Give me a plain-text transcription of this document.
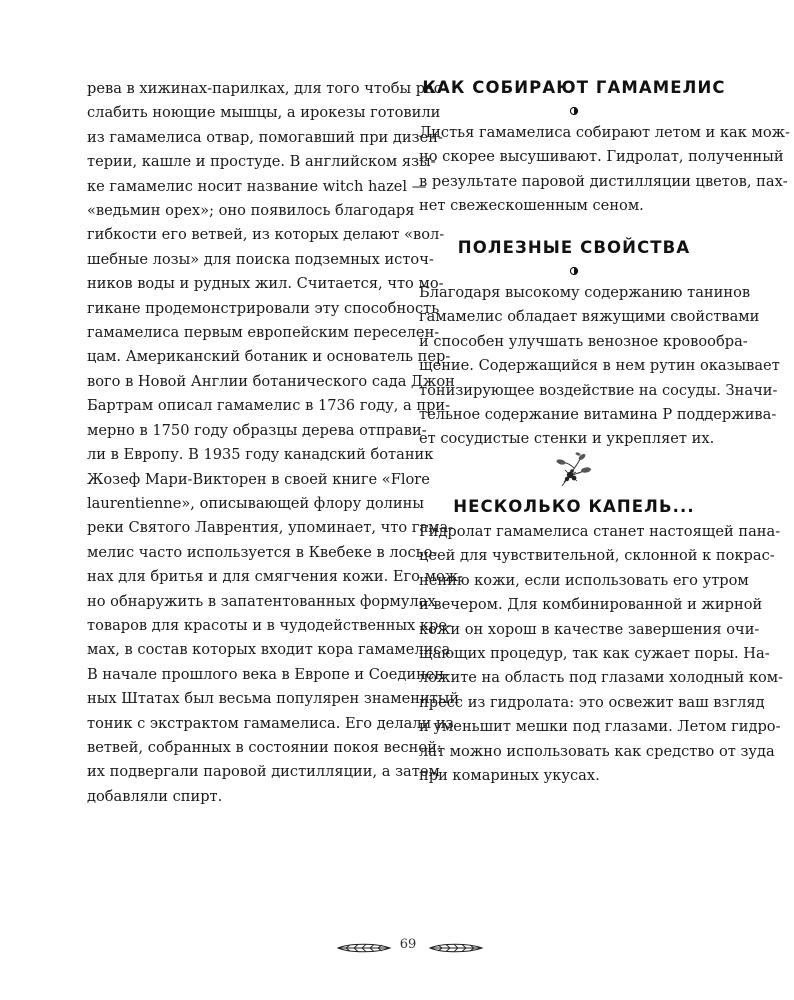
рева в хижинах-парилках, для того чтобы рас-
слабить ноющие мышцы, а ирокезы готовили
из гамамелиса отвар, помогавший при дизен-
терии, кашле и простуде. В английском язы-
ке гамамелис носит название witch hazel —
«ведьмин орех»; оно появилось благодаря
гибкости его ветвей, из которых делают «вол-
шебные лозы» для поиска подземных источ-
ников воды и рудных жил. Считается, что мо-
гикане продемонстрировали эту способность
гамамелиса первым европейским переселен-
цам. Американский ботаник и основатель пер-
вого в Новой Англии ботанического сада Джон
Бартрам описал гамамелис в 1736 году, а при-
мерно в 1750 году образцы дерева отправи-
ли в Европу. В 1935 году канадский ботаник
Жозеф Мари-Викторен в своей книге «Flore
laurentienne», описывающей флору долины
реки Святого Лаврентия, упоминает, что гама-
мелис часто используется в Квебеке в лосьо-
нах для бритья и для смягчения кожи. Его мож-
но обнаружить в запатентованных формулах
товаров для красоты и в чудодейственных кре-
мах, в состав которых входит кора гамамелиса.
В начале прошлого века в Европе и Соединен-
ных Штатах был весьма популярен знаменитый
тоник с экстрактом гамамелиса. Его делали из
ветвей, собранных в состоянии покоя весной:
их подвергали паровой дистилляции, а затем
добавляли спирт.
КАК СОБИРАЮТ ГАМАМЕЛИС

Листья гамамелиса собирают летом и как мож-
но скорее высушивают. Гидролат, полученный
в результате паровой дистилляции цветов, пах-
нет свежескошенным сеном.

ПОЛЕЗНЫЕ СВОЙСТВА

Благодаря высокому содержанию танинов
гамамелис обладает вяжущими свойствами
и способен улучшать венозное кровообра-
щение. Содержащийся в нем рутин оказывает
тонизирующее воздействие на сосуды. Значи-
тельное содержание витамина Р поддержива-
ет сосудистые стенки и укрепляет их.

НЕСКОЛЬКО КАПЕЛЬ...

Гидролат гамамелиса станет настоящей пана-
цеей для чувствительной, склонной к покрас-
нению кожи, если использовать его утром
и вечером. Для комбинированной и жирной
кожи он хорош в качестве завершения очи-
щающих процедур, так как сужает поры. На-
ложите на область под глазами холодный ком-
пресс из гидролата: это освежит ваш взгляд
и уменьшит мешки под глазами. Летом гидро-
лат можно использовать как средство от зуда
при комариных укусах.

69
